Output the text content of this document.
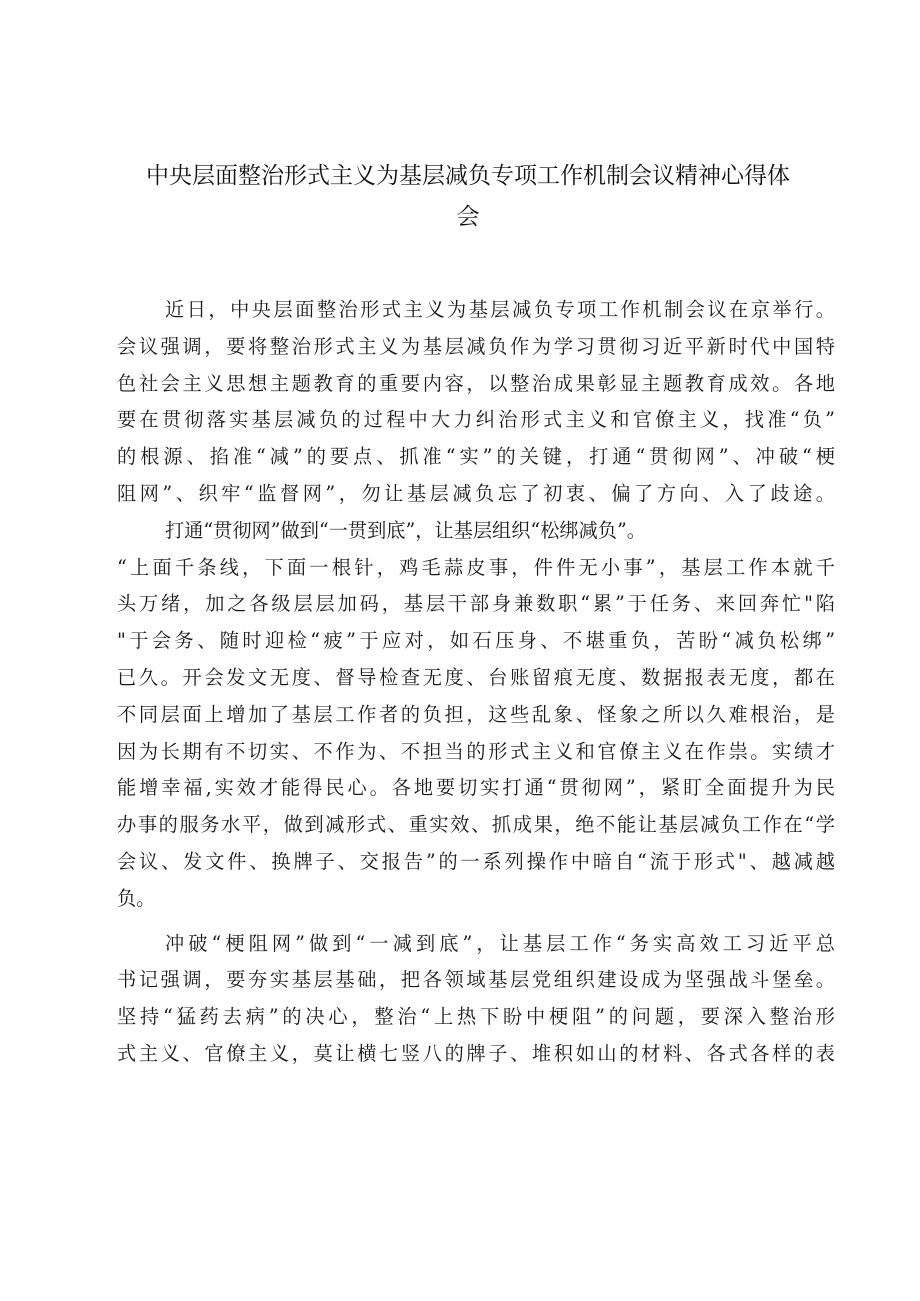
中央层面整治形式主义为基层减负专项工作机制会议精神心得体
会
近日，中央层面整治形式主义为基层减负专项工作机制会议在京举行。
会议强调，要将整治形式主义为基层减负作为学习贯彻习近平新时代中国特
色社会主义思想主题教育的重要内容，以整治成果彰显主题教育成效。各地
要在贯彻落实基层减负的过程中大力纠治形式主义和官僚主义，找准“负”
的根源、掐准“减”的要点、抓准“实”的关键，打通“贯彻网”、冲破“梗
阻网”、织牢“监督网”，勿让基层减负忘了初衷、偏了方向、入了歧途。
打通“贯彻网”做到“一贯到底”，让基层组织“松绑减负”。
“上面千条线，下面一根针，鸡毛蒜皮事，件件无小事”，基层工作本就千
头万绪，加之各级层层加码，基层干部身兼数职“累”于任务、来回奔忙"陷
"于会务、随时迎检“疲”于应对，如石压身、不堪重负，苦盼“减负松绑”
已久。开会发文无度、督导检查无度、台账留痕无度、数据报表无度，都在
不同层面上增加了基层工作者的负担，这些乱象、怪象之所以久难根治，是
因为长期有不切实、不作为、不担当的形式主义和官僚主义在作祟。实绩才
能增幸福,实效才能得民心。各地要切实打通“贯彻网”，紧盯全面提升为民
办事的服务水平，做到减形式、重实效、抓成果，绝不能让基层减负工作在“学
会议、发文件、换牌子、交报告”的一系列操作中暗自“流于形式"、越减越
负。
冲破“梗阻网”做到“一减到底”，让基层工作“务实高效工习近平总
书记强调，要夯实基层基础，把各领域基层党组织建设成为坚强战斗堡垒。
坚持“猛药去病”的决心，整治“上热下盼中梗阻”的问题，要深入整治形
式主义、官僚主义，莫让横七竖八的牌子、堆积如山的材料、各式各样的表
